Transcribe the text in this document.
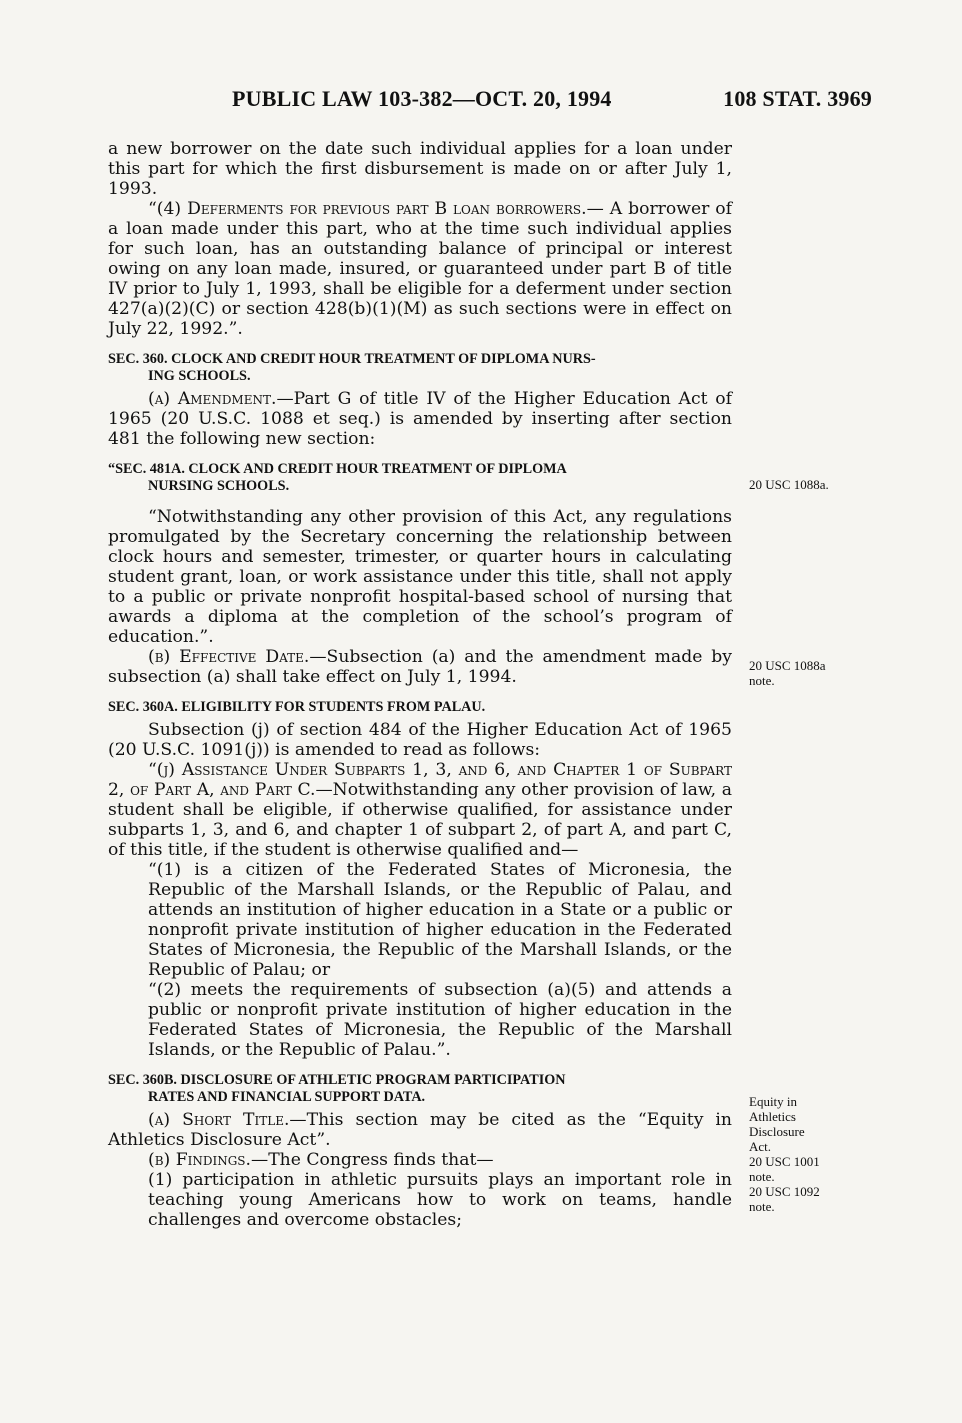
PUBLIC LAW 103-382—OCT. 20, 1994	108 STAT. 3969

a new borrower on the date such individual applies for a loan under this part for which the first disbursement is made on or after July 1, 1993.

“(4) Deferments for previous part B loan borrowers.— A borrower of a loan made under this part, who at the time such individual applies for such loan, has an outstanding balance of principal or interest owing on any loan made, insured, or guaranteed under part B of title IV prior to July 1, 1993, shall be eligible for a deferment under section 427(a)(2)(C) or section 428(b)(1)(M) as such sections were in effect on July 22, 1992.”.

SEC. 360. CLOCK AND CREDIT HOUR TREATMENT OF DIPLOMA NURS-
ING SCHOOLS.

(a) Amendment.—Part G of title IV of the Higher Education Act of 1965 (20 U.S.C. 1088 et seq.) is amended by inserting after section 481 the following new section:

“SEC. 481A. CLOCK AND CREDIT HOUR TREATMENT OF DIPLOMA
NURSING SCHOOLS.

“Notwithstanding any other provision of this Act, any regulations promulgated by the Secretary concerning the relationship between clock hours and semester, trimester, or quarter hours in calculating student grant, loan, or work assistance under this title, shall not apply to a public or private nonprofit hospital-based school of nursing that awards a diploma at the completion of the school’s program of education.”.

(b) Effective Date.—Subsection (a) and the amendment made by subsection (a) shall take effect on July 1, 1994.

SEC. 360A. ELIGIBILITY FOR STUDENTS FROM PALAU.

Subsection (j) of section 484 of the Higher Education Act of 1965 (20 U.S.C. 1091(j)) is amended to read as follows:

“(j) Assistance Under Subparts 1, 3, and 6, and Chapter 1 of Subpart 2, of Part A, and Part C.—Notwithstanding any other provision of law, a student shall be eligible, if otherwise qualified, for assistance under subparts 1, 3, and 6, and chapter 1 of subpart 2, of part A, and part C, of this title, if the student is otherwise qualified and—

“(1) is a citizen of the Federated States of Micronesia, the Republic of the Marshall Islands, or the Republic of Palau, and attends an institution of higher education in a State or a public or nonprofit private institution of higher education in the Federated States of Micronesia, the Republic of the Marshall Islands, or the Republic of Palau; or

“(2) meets the requirements of subsection (a)(5) and attends a public or nonprofit private institution of higher education in the Federated States of Micronesia, the Republic of the Marshall Islands, or the Republic of Palau.”.

SEC. 360B. DISCLOSURE OF ATHLETIC PROGRAM PARTICIPATION
RATES AND FINANCIAL SUPPORT DATA.

(a) Short Title.—This section may be cited as the “Equity in Athletics Disclosure Act”.

(b) Findings.—The Congress finds that—

(1) participation in athletic pursuits plays an important role in teaching young Americans how to work on teams, handle challenges and overcome obstacles;

20 USC 1088a.
20 USC 1088a
note.
Equity in
Athletics
Disclosure
Act.
20 USC 1001
note.
20 USC 1092
note.
